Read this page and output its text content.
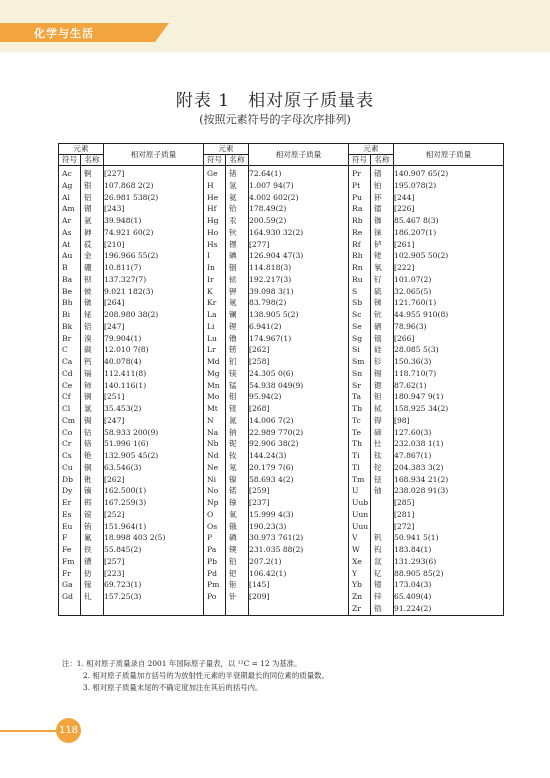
化学与生活
附表 1　相对原子质量表
(按照元素符号的字母次序排列)
元素		相对原子质量	元素		相对原子质量	元素		相对原子质量
符号	名称		符号	名称		符号	名称	
Ac	锕	[227]	Ge	锗	72.64(1)	Pr	镨	140.907 65(2)
Ag	银	107.868 2(2)	H	氢	1.007 94(7)	Pt	铂	195.078(2)
Al	铝	26.981 538(2)	He	氦	4.002 602(2)	Pu	钚	[244]
Am	镅	[243]	Hf	铪	178.49(2)	Ra	镭	[226]
Ar	氩	39.948(1)	Hg	汞	200.59(2)	Rb	铷	85.467 8(3)
As	砷	74.921 60(2)	Ho	钬	164.930 32(2)	Re	铼	186.207(1)
At	砹	[210]	Hs	𬭶	[277]	Rf	𬬻	[261]
Au	金	196.966 55(2)	I	碘	126.904 47(3)	Rh	铑	102.905 50(2)
B	硼	10.811(7)	In	铟	114.818(3)	Rn	氡	[222]
Ba	钡	137.327(7)	Ir	铱	192.217(3)	Ru	钌	101.07(2)
Be	铍	9.021 182(3)	K	钾	39.098 3(1)	S	硫	32.065(5)
Bh	𬭛	[264]	Kr	氪	83.798(2)	Sb	锑	121.760(1)
Bi	铋	208.980 38(2)	La	镧	138.905 5(2)	Sc	钪	44.955 910(8)
Bk	锫	[247]	Li	锂	6.941(2)	Se	硒	78.96(3)
Br	溴	79.904(1)	Lu	镥	174.967(1)	Sg	𬭳	[266]
C	碳	12.010 7(8)	Lr	铹	[262]	Si	硅	28.085 5(3)
Ca	钙	40.078(4)	Md	钔	[258]	Sm	钐	150.36(3)
Cd	镉	112.411(8)	Mg	镁	24.305 0(6)	Sn	锡	118.710(7)
Ce	铈	140.116(1)	Mn	锰	54.938 049(9)	Sr	锶	87.62(1)
Cf	锎	[251]	Mo	钼	95.94(2)	Ta	钽	180.947 9(1)
Cl	氯	35.453(2)	Mt	鿏	[268]	Tb	铽	158.925 34(2)
Cm	锔	[247]	N	氮	14.006 7(2)	Tc	锝	[98]
Co	钴	58.933 200(9)	Na	钠	22.989 770(2)	Te	碲	127.60(3)
Cr	铬	51.996 1(6)	Nb	铌	92.906 38(2)	Th	钍	232.038 1(1)
Cs	铯	132.905 45(2)	Nd	钕	144.24(3)	Ti	钛	47.867(1)
Cu	铜	63.546(3)	Ne	氖	20.179 7(6)	Tl	铊	204.383 3(2)
Db	𬭊	[262]	Ni	镍	58.693 4(2)	Tm	铥	168.934 21(2)
Dy	镝	162.500(1)	No	锘	[259]	U	铀	238.028 91(3)
Er	铒	167.259(3)	Np	镎	[237]	Uub		[285]
Es	锿	[252]	O	氧	15.999 4(3)	Uun		[281]
Eu	铕	151.964(1)	Os	锇	190.23(3)	Uuu		[272]
F	氟	18.998 403 2(5)	P	磷	30.973 761(2)	V	钒	50.941 5(1)
Fe	铁	55.845(2)	Pa	镤	231.035 88(2)	W	钨	183.84(1)
Fm	镄	[257]	Pb	铅	207.2(1)	Xe	氙	131.293(6)
Fr	钫	[223]	Pd	钯	106.42(1)	Y	钇	88.905 85(2)
Ga	镓	69.723(1)	Pm	钷	[145]	Yb	镱	173.04(3)
Gd	钆	157.25(3)	Po	钋	[209]	Zn	锌	65.409(4)
						Zr	锆	91.224(2)
注：1. 相对原子质量录自 2001 年国际原子量表，以 ¹²C = 12 为基准。
2. 相对原子质量加方括号的为放射性元素的半衰期最长的同位素的质量数。
3. 相对原子质量末尾的不确定度加注在其后的括号内。
118
